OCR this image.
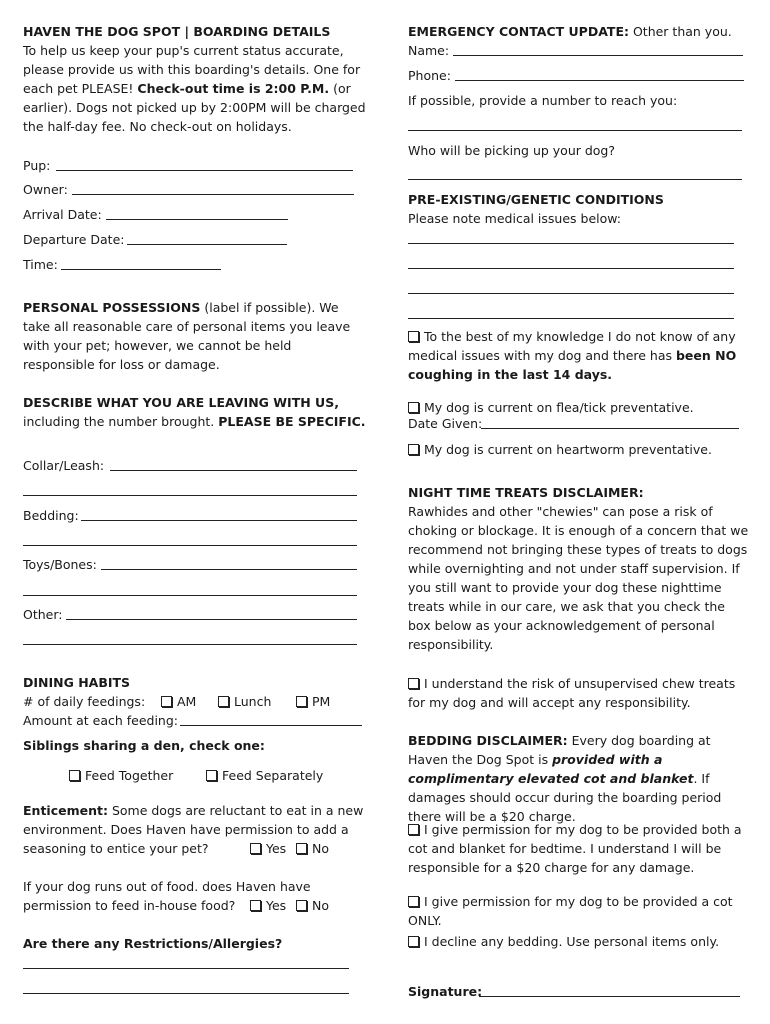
HAVEN THE DOG SPOT | BOARDING DETAILS
To help us keep your pup's current status accurate, please provide us with this boarding's details. One for each pet PLEASE! Check-out time is 2:00 P.M. (or earlier). Dogs not picked up by 2:00PM will be charged the half-day fee. No check-out on holidays.
Pup:
Owner:
Arrival Date:
Departure Date:
Time:
PERSONAL POSSESSIONS (label if possible). We take all reasonable care of personal items you leave with your pet; however, we cannot be held responsible for loss or damage.
DESCRIBE WHAT YOU ARE LEAVING WITH US,
including the number brought. PLEASE BE SPECIFIC.
Collar/Leash:
Bedding:
Toys/Bones:
Other:
DINING HABITS
# of daily feedings:	AM	Lunch	PM
Amount at each feeding:
Siblings sharing a den, check one:
Feed Together	Feed Separately
Enticement: Some dogs are reluctant to eat in a new environment. Does Haven have permission to add a
seasoning to entice your pet?	Yes	No
If your dog runs out of food. does Haven have
permission to feed in-house food?	Yes	No
Are there any Restrictions/Allergies?
EMERGENCY CONTACT UPDATE: Other than you.
Name:
Phone:
If possible, provide a number to reach you:
Who will be picking up your dog?
PRE-EXISTING/GENETIC CONDITIONS
Please note medical issues below:
To the best of my knowledge I do not know of any medical issues with my dog and there has been NO coughing in the last 14 days.
My dog is current on flea/tick preventative.
Date Given:
My dog is current on heartworm preventative.
NIGHT TIME TREATS DISCLAIMER:
Rawhides and other "chewies" can pose a risk of choking or blockage. It is enough of a concern that we recommend not bringing these types of treats to dogs while overnighting and not under staff supervision. If you still want to provide your dog these nighttime treats while in our care, we ask that you check the box below as your acknowledgement of personal responsibility.
I understand the risk of unsupervised chew treats for my dog and will accept any responsibility.
BEDDING DISCLAIMER: Every dog boarding at Haven the Dog Spot is provided with a complimentary elevated cot and blanket. If damages should occur during the boarding period there will be a $20 charge.
I give permission for my dog to be provided both a cot and blanket for bedtime. I understand I will be responsible for a $20 charge for any damage.
I give permission for my dog to be provided a cot ONLY.
I decline any bedding. Use personal items only.
Signature:
